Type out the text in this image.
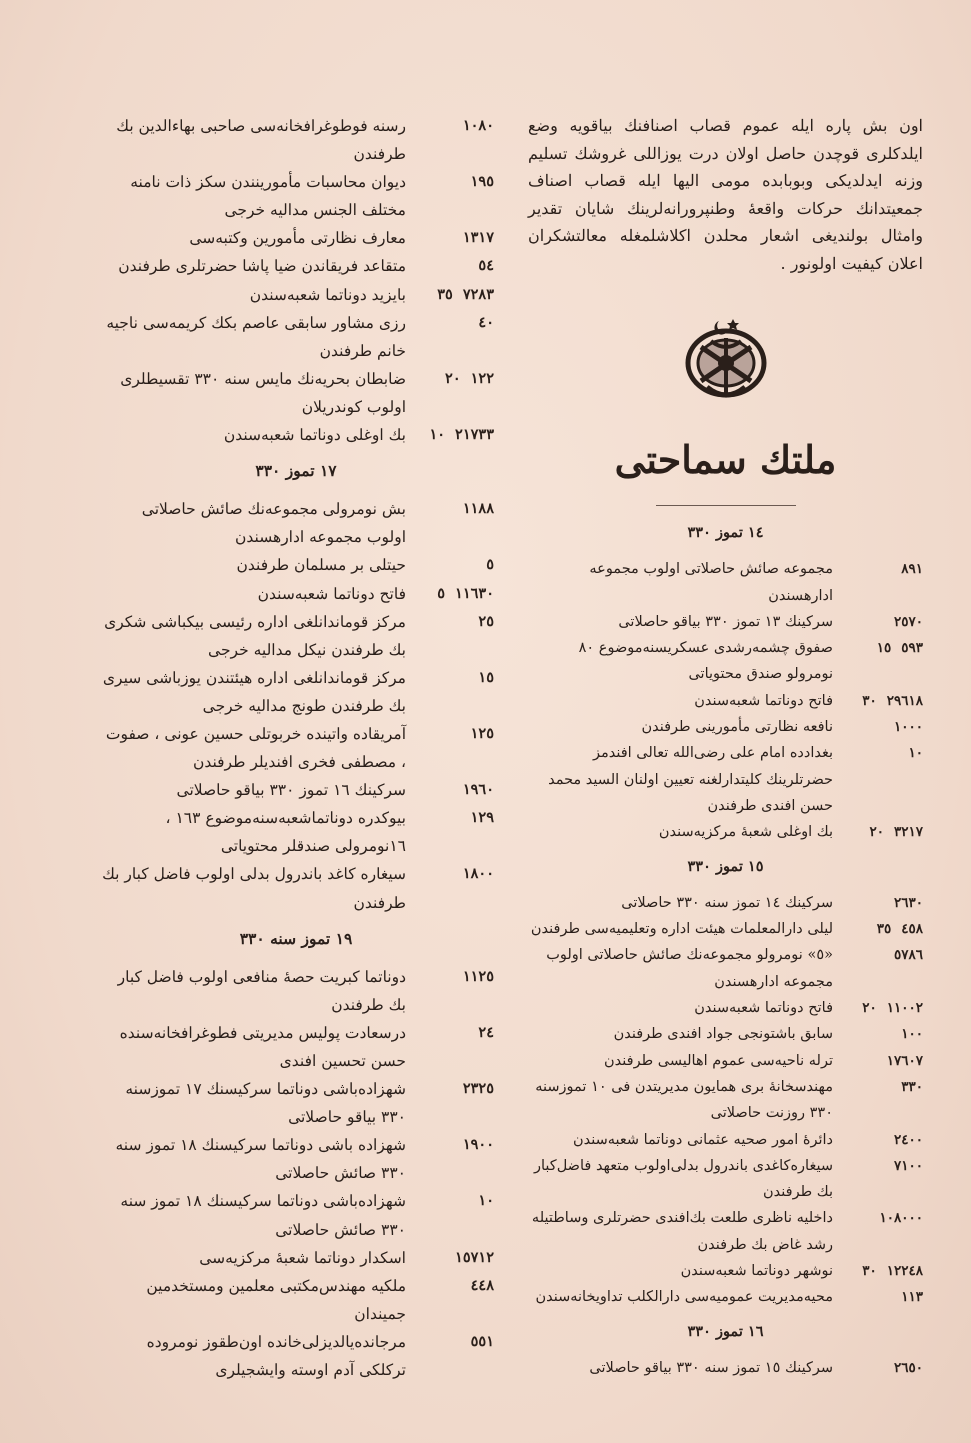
اون بش پاره ايله عموم قصاب اصنافنك بياقويه وضع ايلدكلری قوچدن حاصل اولان درت يوزاللی غروشك تسليم وزنه ايدلديكی وبوبابده مومی اليها ايله قصاب اصناف جمعيتدانك حركات واقعهٔ وطنپرورانه‌لرينك شايان تقدير وامثال بولنديغی اشعار محلدن اكلاشلمغله معالتشكران اعلان كيفيت اولونور .
ملتك سماحتی
١٤ تموز ٣٣٠
٨٩١
مجموعه صائش حاصلاتی اولوب مجموعه ادارهسندن
٢٥٧٠
سركينك ١٣ تموز ٣٣٠ بياقو حاصلاتی
١٥ ٥٩٣
صفوق چشمه‌رشدی عسكريسنه‌موضوع ٨٠ نومرولو صندق محتوياتی
٣٠ ٢٩٦١٨
فاتح دوناتما شعبه‌سندن
١٠٠٠
نافعه نظارتی مأمورينی طرفندن
١٠
بغدادده امام علی رضی‌الله تعالی افندمز حضرتلرينك كليتدارلغنه تعيين اولنان السيد محمد حسن افندی طرفندن
٢٠ ٣٢١٧
بك اوغلی شعبهٔ مركزيه‌سندن
١٥ تموز ٣٣٠
٢٦٣٠
سركينك ١٤ تموز سنه ٣٣٠ حاصلاتی
٣٥ ٤٥٨
ليلی دارالمعلمات هيئت اداره وتعليميه‌سی طرفندن
٥٧٨٦
«٥» نومرولو مجموعه‌نك صائش حاصلاتی اولوب مجموعه ادارهسندن
٢٠ ١١٠٠٢
فاتح دوناتما شعبه‌سندن
١٠٠
سابق باشتونجی جواد افندی طرفندن
١٧٦٠٧
ترله ناحيه‌سی عموم اهاليسی طرفندن
٣٣٠
مهندسخانهٔ بری همايون مديريتدن فی ١٠ تموزسنه ٣٣٠ روزنت حاصلاتی
٢٤٠٠
دائرهٔ امور صحيه عثمانی دوناتما شعبه‌سندن
٧١٠٠
سيغاره‌كاغدی باندرول بدلی‌اولوب متعهد فاضل‌كبار بك طرفندن
١٠٨٠٠٠
داخليه ناظری طلعت بك‌افندی حضرتلری وساطتيله رشد غاض بك طرفندن
٣٠ ١٢٢٤٨
نوشهر دوناتما شعبه‌سندن
١١٣
محيه‌مديريت عموميه‌سی دارالكلب تداويخانه‌سندن
١٦ تموز ٣٣٠
٢٦٥٠
سركينك ١٥ تموز سنه ٣٣٠ بياقو حاصلاتی
١٠٨٠
رسنه فوطوغرافخانه‌سی صاحبی بهاءالدين بك طرفندن
١٩٥
ديوان محاسبات مأمورينندن سكز ذات نامنه مختلف الجنس مداليه خرجی
١٣١٧
معارف نظارتی مأمورين وكتبه‌سی
٥٤
متقاعد فريقاندن ضيا پاشا حضرتلری طرفندن
٣٥ ٧٢٨٣
بايزيد دوناتما شعبه‌سندن
٤٠
رزی مشاور سابقی عاصم بكك كريمه‌سی ناجيه خانم طرفندن
٢٠ ١٢٢
ضابطان بحريه‌نك مايس سنه ٣٣٠ تقسيطلری اولوب كوندريلان
١٠ ٢١٧٣٣
بك اوغلی دوناتما شعبه‌سندن
١٧ تموز ٣٣٠
١١٨٨
بش نومرولی مجموعه‌نك صائش حاصلاتی اولوب مجموعه ادارهسندن
٥
حيتلی بر مسلمان طرفندن
٥ ١١٦٣٠
فاتح دوناتما شعبه‌سندن
٢٥
مركز قوماندانلغی اداره رئيسی بيكباشی شكری بك طرفندن نيكل مداليه خرجی
١٥
مركز قوماندانلغی اداره هيئتندن يوزباشی سيری بك طرفندن طونج مداليه خرجی
١٢٥
آمريقاده واتينده خربوتلی حسين عونی ، صفوت ، مصطفی فخری افنديلر طرفندن
١٩٦٠
سركينك ١٦ تموز ٣٣٠ بياقو حاصلاتی
١٢٩
بيوكدره دوناتماشعبه‌سنه‌موضوع ١٦٣ ، ١٦نومرولی صندقلر محتوياتی
١٨٠٠
سيغاره كاغد باندرول بدلی اولوب فاضل كبار بك طرفندن
١٩ تموز سنه ٣٣٠
١١٢٥
دوناتما كبريت حصهٔ منافعی اولوب فاضل كبار بك طرفندن
٢٤
درسعادت پوليس مديريتی فطوغرافخانه‌سنده حسن تحسين افندی
٢٣٢٥
شهزاده‌باشی دوناتما سركيسنك ١٧ تموزسنه ٣٣٠ بياقو حاصلاتی
١٩٠٠
شهزاده باشی دوناتما سركيسنك ١٨ تموز سنه ٣٣٠ صائش حاصلاتی
١٠
شهزاده‌باشی دوناتما سركيسنك ١٨ تموز سنه ٣٣٠ صائش حاصلاتی
١٥٧١٢
اسكدار دوناتما شعبهٔ مركزيه‌سی
٤٤٨
ملكيه مهندس‌مكتبی معلمين ومستخدمين جميندان
٥٥١
مرجانده‌يالديزلی‌خانده اون‌طقوز نومروده تركلكی آدم اوسته وايشجيلری
